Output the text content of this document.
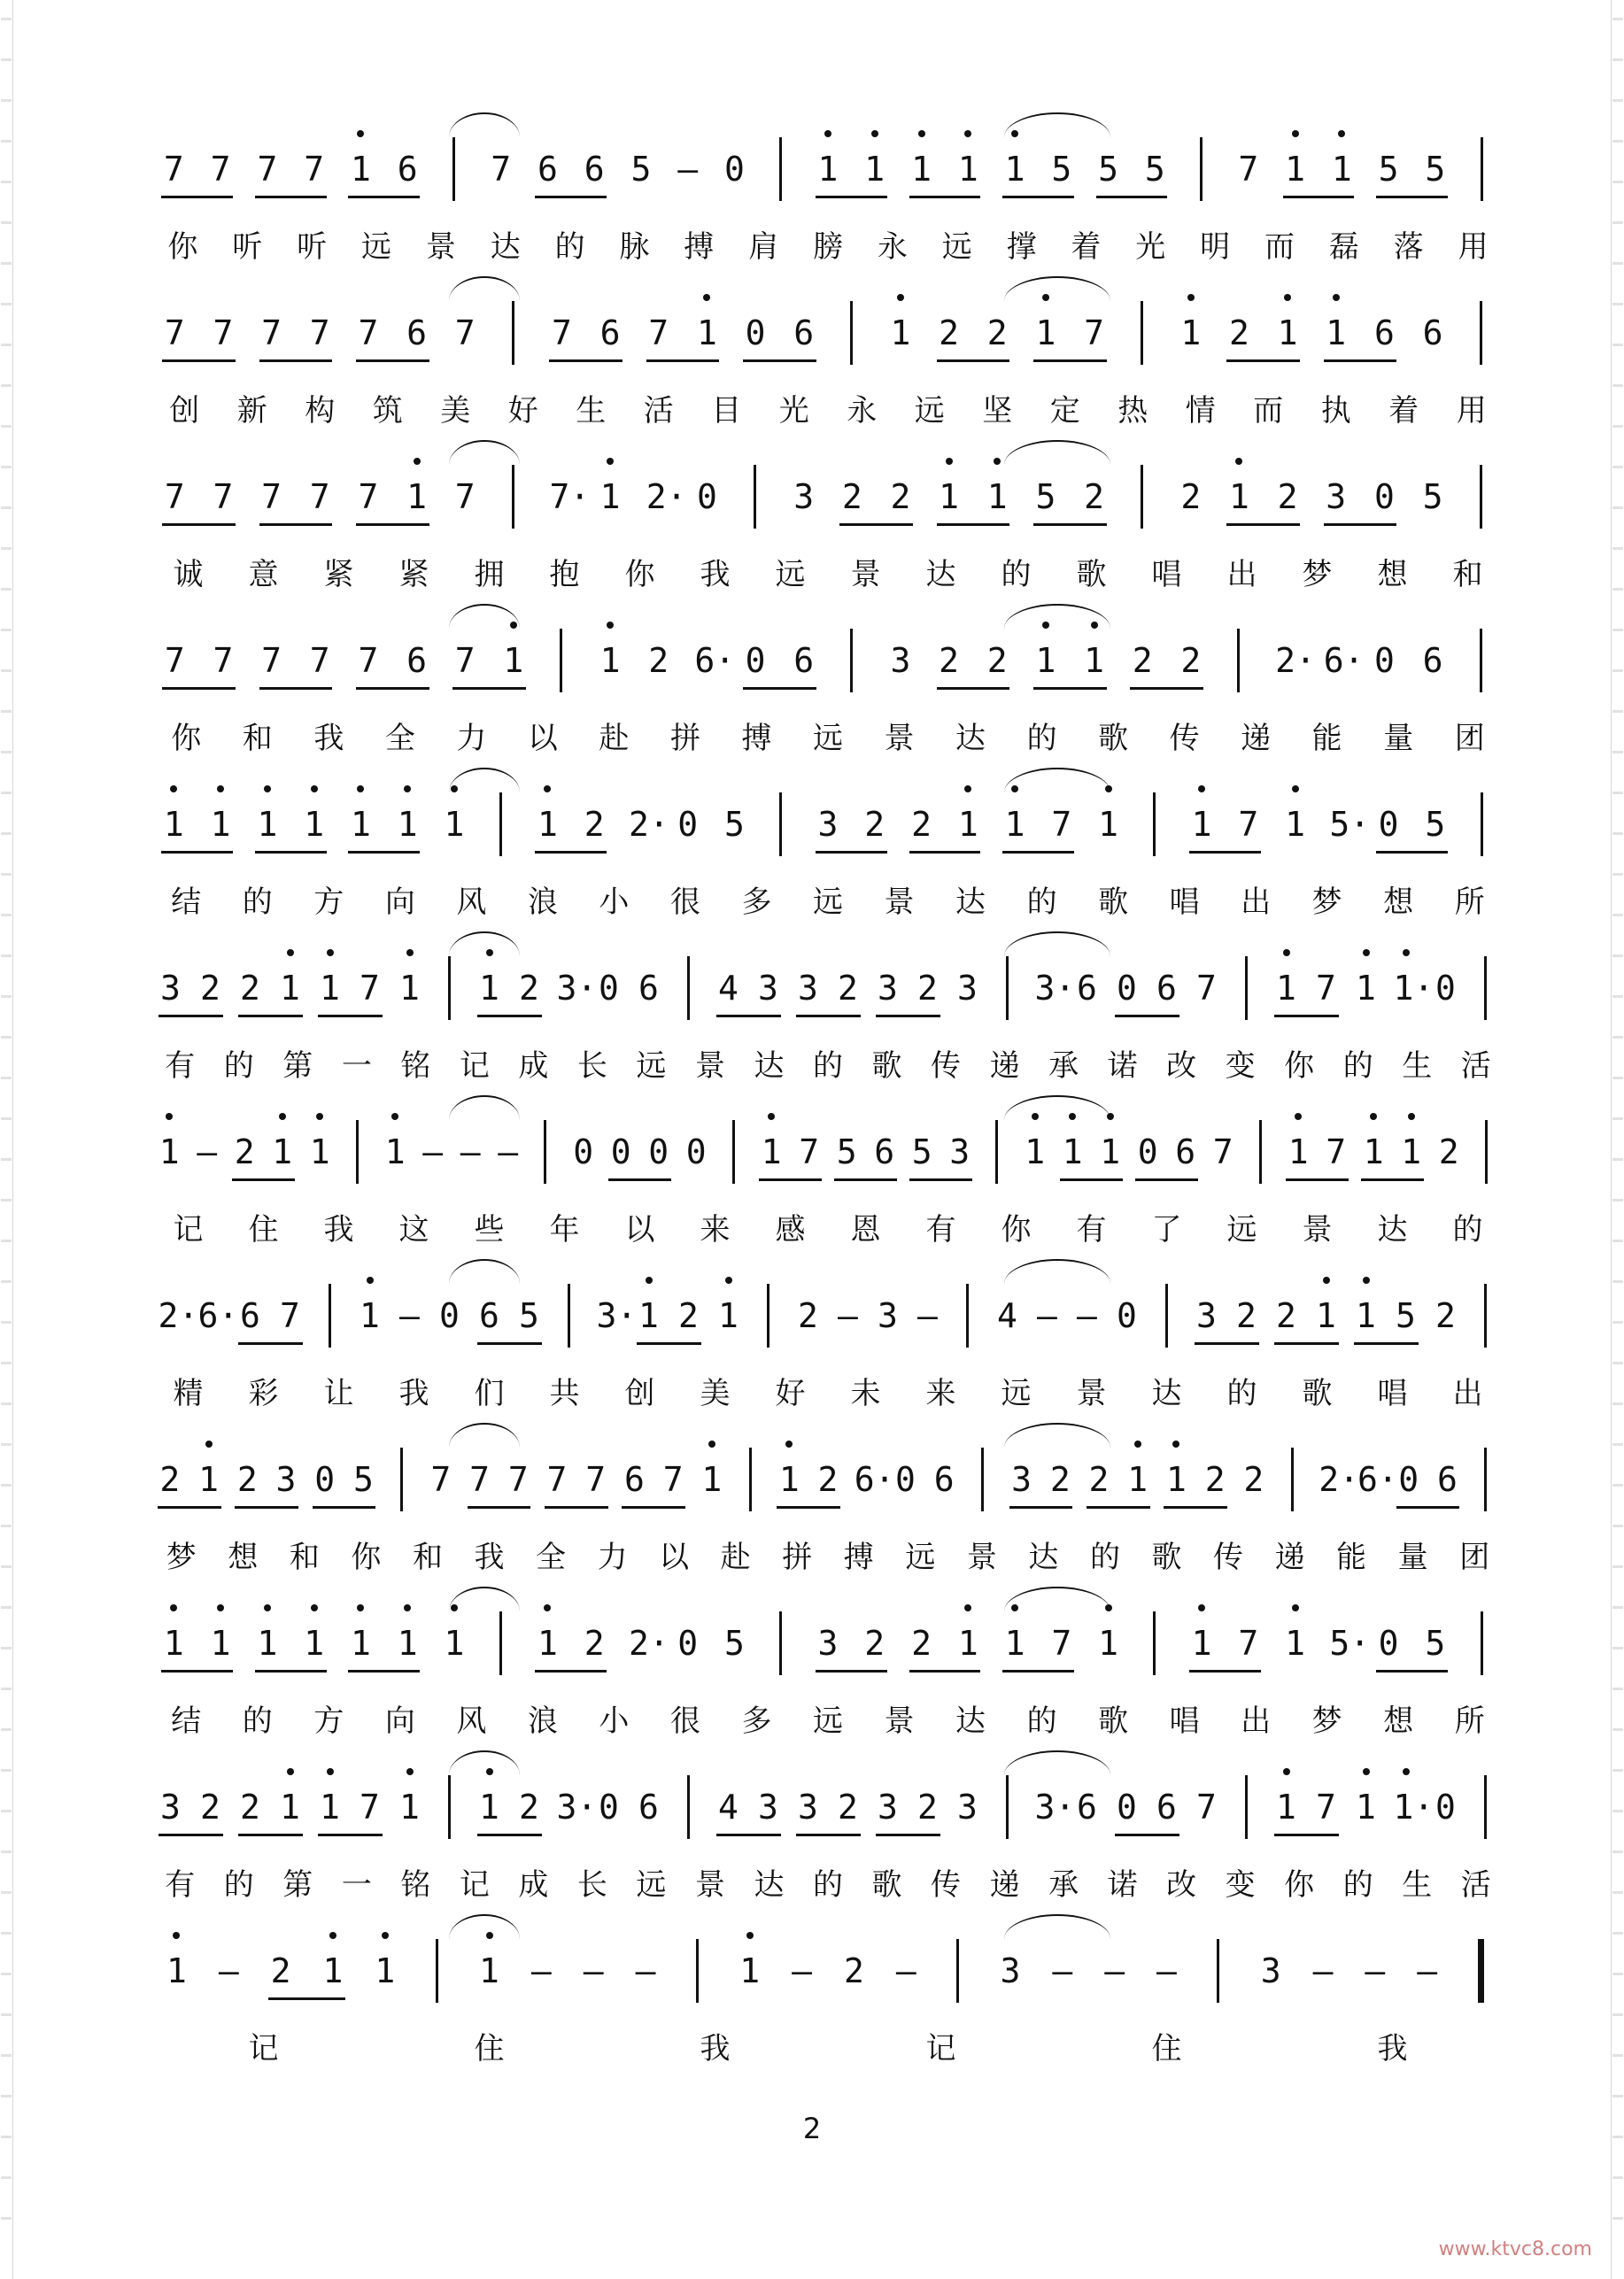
7 7 7 7 1 6 7 6 6 5 – 0 1 1 1 1 1 5 5 5 7 1 1 5 5
你 听 听 远 景 达 的 脉 搏 肩 膀 永 远 撑 着 光 明 而 磊 落 用
7 7 7 7 7 6 7 7 6 7 1 0 6 1 2 2 1 7 1 2 1 1 6 6
创 新 构 筑 美 好 生 活 目 光 永 远 坚 定 热 情 而 执 着 用
7 7 7 7 7 1 7 7· 1 2· 0 3 2 2 1 1 5 2 2 1 2 3 0 5
诚 意 紧 紧 拥 抱 你 我 远 景 达 的 歌 唱 出 梦 想 和
7 7 7 7 7 6 7 1 1 2 6· 0 6 3 2 2 1 1 2 2 2· 6· 0 6
你 和 我 全 力 以 赴 拼 搏 远 景 达 的 歌 传 递 能 量 团
1 1 1 1 1 1 1 1 2 2· 0 5 3 2 2 1 1 7 1 1 7 1 5· 0 5
结 的 方 向 风 浪 小 很 多 远 景 达 的 歌 唱 出 梦 想 所
3 2 2 1 1 7 1 1 2 3· 0 6 4 3 3 2 3 2 3 3· 6 0 6 7 1 7 1 1· 0
有 的 第 一 铭 记 成 长 远 景 达 的 歌 传 递 承 诺 改 变 你 的 生 活
1 – 2 1 1 1 – – – 0 0 0 0 1 7 5 6 5 3 1 1 1 0 6 7 1 7 1 1 2
记 住 我 这 些 年 以 来 感 恩 有 你 有 了 远 景 达 的
2· 6· 6 7 1 – 0 6 5 3· 1 2 1 2 – 3 – 4 – – 0 3 2 2 1 1 5 2
精 彩 让 我 们 共 创 美 好 未 来 远 景 达 的 歌 唱 出
2 1 2 3 0 5 7 7 7 7 7 6 7 1 1 2 6· 0 6 3 2 2 1 1 2 2 2·
6· 0 6
梦 想 和 你 和 我 全 力 以 赴 拼 搏 远 景 达 的 歌 传 递 能 量 团
1 1 1 1 1 1 1 1 2 2· 0 5 3 2 2 1 1 7 1 1 7 1 5· 0 5
结 的 方 向 风 浪 小 很 多 远 景 达 的 歌 唱 出 梦 想 所
3 2 2 1 1 7 1 1 2 3· 0 6 4 3 3 2 3 2 3 3· 6 0 6 7 1 7 1 1· 0
有 的 第 一 铭 记 成 长 远 景 达 的 歌 传 递 承 诺 改 变 你 的 生 活
1 – 2 1 1 1 – – – 1 – 2 – 3 – – – 3 – – –
记	住	我	记	住	我
2
www.ktvc8.com
